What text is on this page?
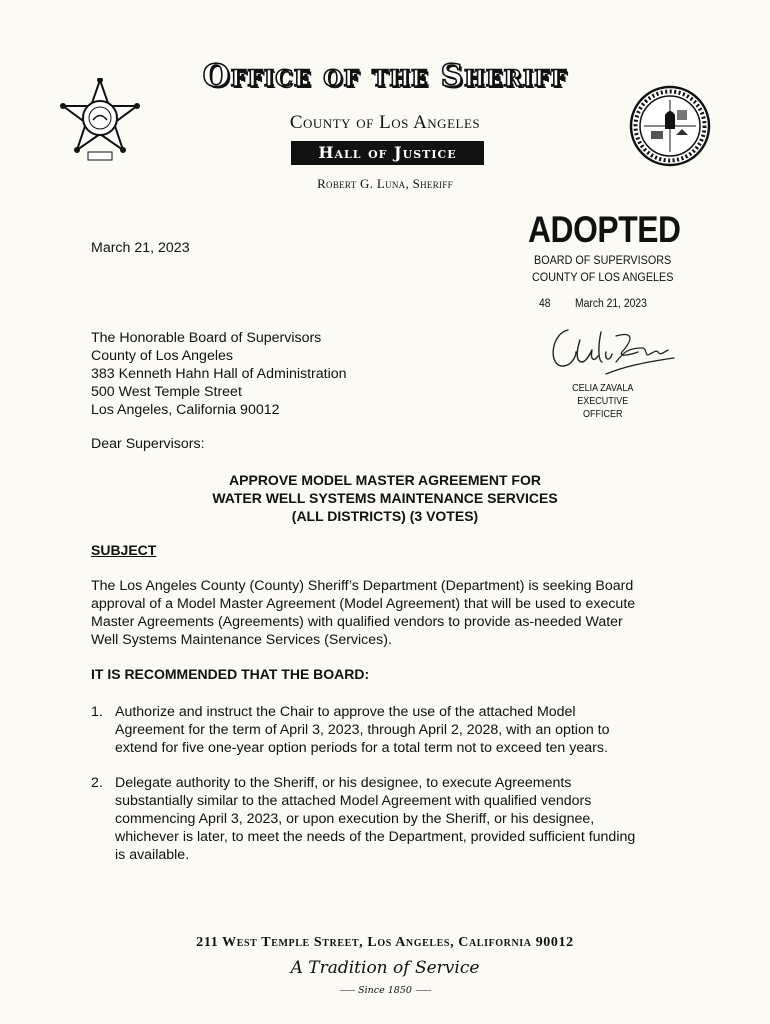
Office of the Sheriff
County of Los Angeles
Hall of Justice
Robert G. Luna, Sheriff
ADOPTED
BOARD OF SUPERVISORS
COUNTY OF LOS ANGELES
48 March 21, 2023
CELIA ZAVALA
EXECUTIVE OFFICER
March 21, 2023
The Honorable Board of Supervisors
County of Los Angeles
383 Kenneth Hahn Hall of Administration
500 West Temple Street
Los Angeles, California 90012
Dear Supervisors:
APPROVE MODEL MASTER AGREEMENT FOR
WATER WELL SYSTEMS MAINTENANCE SERVICES
(ALL DISTRICTS) (3 VOTES)
SUBJECT
The Los Angeles County (County) Sheriff’s Department (Department) is seeking Board
approval of a Model Master Agreement (Model Agreement) that will be used to execute
Master Agreements (Agreements) with qualified vendors to provide as-needed Water
Well Systems Maintenance Services (Services).
IT IS RECOMMENDED THAT THE BOARD:
1. Authorize and instruct the Chair to approve the use of the attached Model
Agreement for the term of April 3, 2023, through April 2, 2028, with an option to
extend for five one-year option periods for a total term not to exceed ten years.
2. Delegate authority to the Sheriff, or his designee, to execute Agreements
substantially similar to the attached Model Agreement with qualified vendors
commencing April 3, 2023, or upon execution by the Sheriff, or his designee,
whichever is later, to meet the needs of the Department, provided sufficient funding
is available.
211 West Temple Street, Los Angeles, California 90012
A Tradition of Service
⸺ Since 1850 ⸺
